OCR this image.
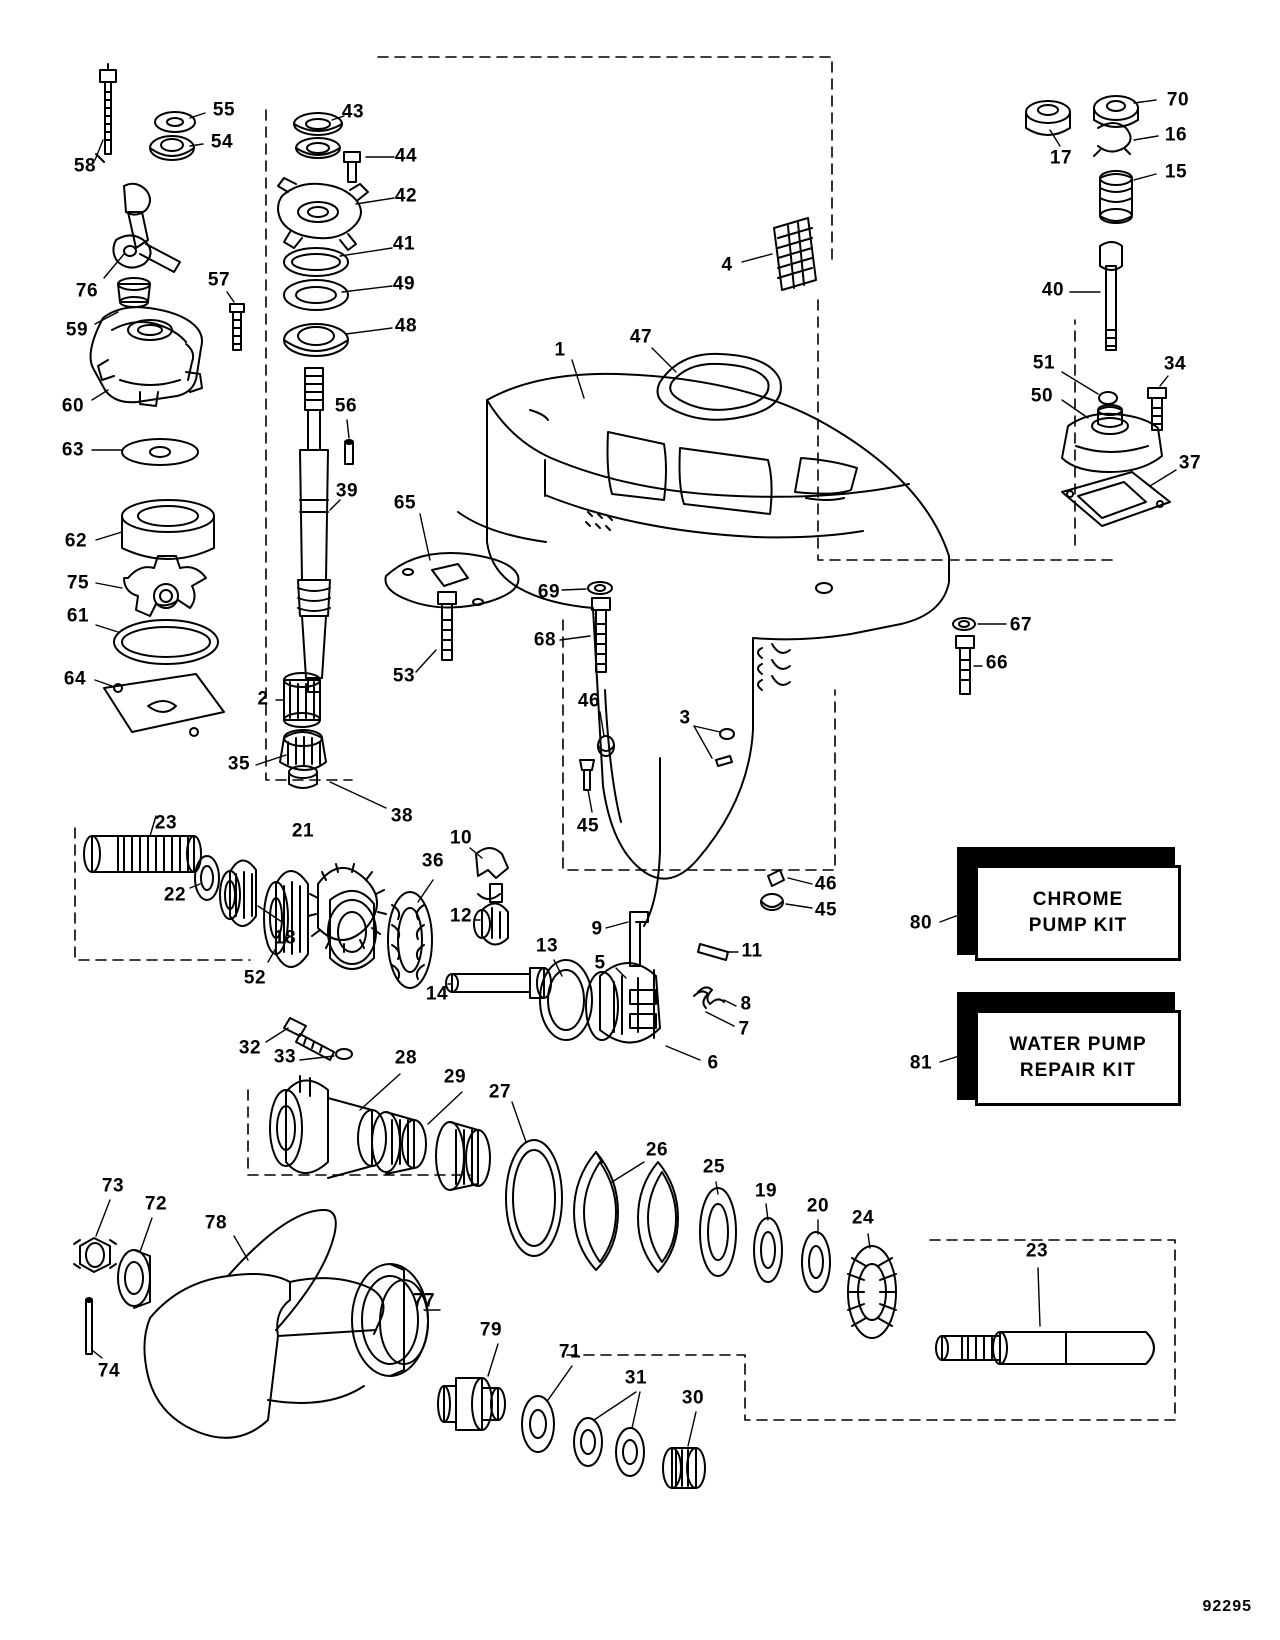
CHROME
PUMP KIT
WATER PUMP
REPAIR KIT
1
2
3
4
5
6
7
8
9
10
11
12
13
14
15
16
17
18
19
20
21
22
23
24
25
26
27
28
29
30
31
32 33
34
35
36
37
38
39
40
41
42
43
44
45
46
45
46
47
48
49
50
51
52
53
54
55
56
57
58
59
60
61
62
63
64
65
66
67
68
69
70
71
72
73
74
75
76
77
78
79
80
81
23
92295
